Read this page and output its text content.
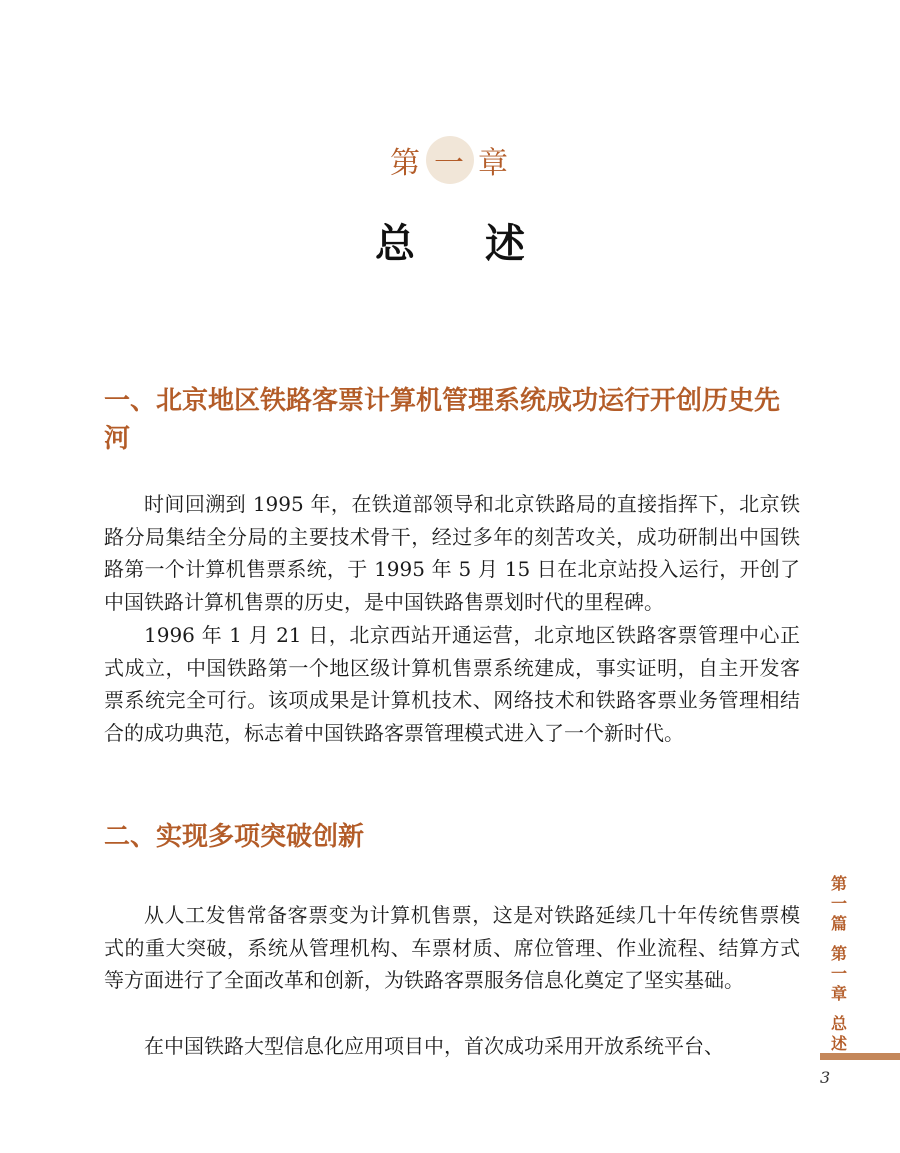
第 一 章
总 述
一、北京地区铁路客票计算机管理系统成功运行开创历史先河
时间回溯到 1995 年，在铁道部领导和北京铁路局的直接指挥下，北京铁路分局集结全分局的主要技术骨干，经过多年的刻苦攻关，成功研制出中国铁路第一个计算机售票系统，于 1995 年 5 月 15 日在北京站投入运行，开创了中国铁路计算机售票的历史，是中国铁路售票划时代的里程碑。
1996 年 1 月 21 日，北京西站开通运营，北京地区铁路客票管理中心正式成立，中国铁路第一个地区级计算机售票系统建成，事实证明，自主开发客票系统完全可行。该项成果是计算机技术、网络技术和铁路客票业务管理相结合的成功典范，标志着中国铁路客票管理模式进入了一个新时代。
二、实现多项突破创新
从人工发售常备客票变为计算机售票，这是对铁路延续几十年传统售票模式的重大突破，系统从管理机构、车票材质、席位管理、作业流程、结算方式等方面进行了全面改革和创新，为铁路客票服务信息化奠定了坚实基础。
在中国铁路大型信息化应用项目中，首次成功采用开放系统平台、
第
一
篇
第
一
章
总
述
3
